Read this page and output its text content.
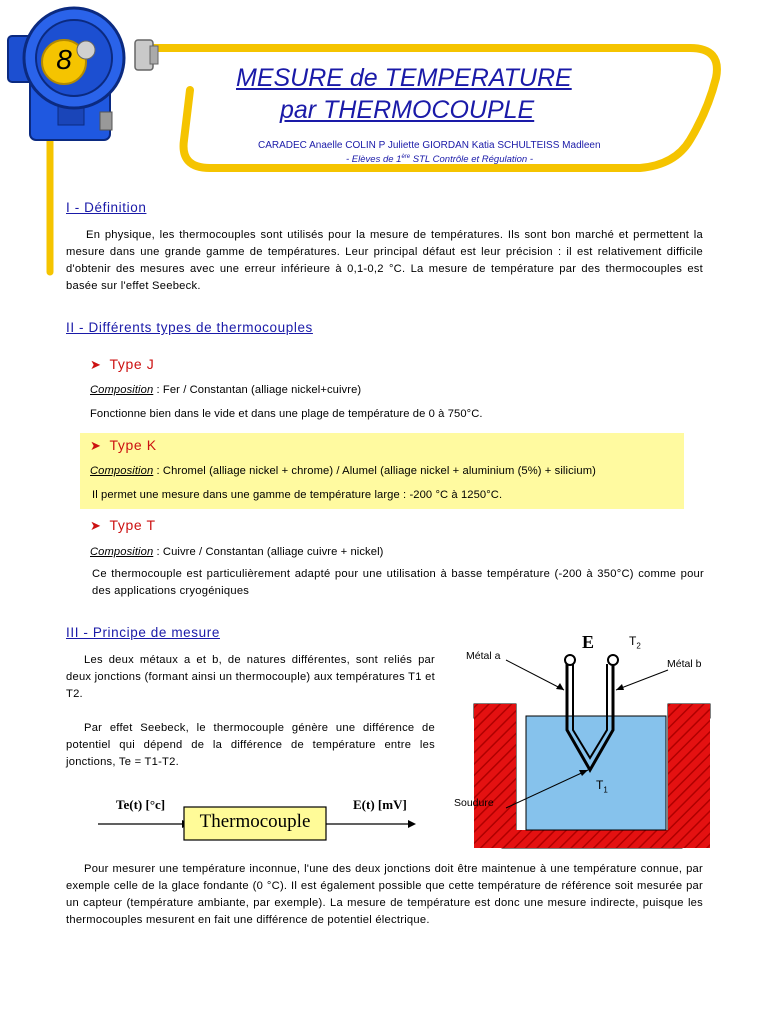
8
MESURE de TEMPERATURE
par THERMOCOUPLE
CARADEC Anaelle COLIN P Juliette GIORDAN Katia SCHULTEISS Madleen
- Elèves de 1ère STL Contrôle et Régulation -
I - Définition
En physique, les thermocouples sont utilisés pour la mesure de températures. Ils sont bon marché et permettent la mesure dans une grande gamme de températures. Leur principal défaut est leur précision : il est relativement difficile d'obtenir des mesures avec une erreur inférieure à 0,1-0,2 °C. La mesure de température par des thermocouples est basée sur l'effet Seebeck.
II - Différents types de thermocouples
➤ Type J
Composition : Fer / Constantan (alliage nickel+cuivre)
Fonctionne bien dans le vide et dans une plage de température de 0 à 750°C.
➤ Type K
Composition : Chromel (alliage nickel + chrome) / Alumel (alliage nickel + aluminium (5%) + silicium)
Il permet une mesure dans une gamme de température large : -200 °C à 1250°C.
➤ Type T
Composition : Cuivre / Constantan (alliage cuivre + nickel)
Ce thermocouple est particulièrement adapté pour une utilisation à basse température (-200 à 350°C) comme pour des applications cryogéniques
III - Principe de mesure
Les deux métaux a et b, de natures différentes, sont reliés par deux jonctions (formant ainsi un thermocouple) aux températures T1 et T2.
Par effet Seebeck, le thermocouple génère une différence de potentiel qui dépend de la différence de température entre les jonctions, Te = T1-T2.
Te(t) [°c]
Thermocouple
E(t) [mV]
E	$T_2$
Métal a
Métal b
$T_1$
Soudure
Pour mesurer une température inconnue, l'une des deux jonctions doit être maintenue à une température connue, par exemple celle de la glace fondante (0 °C). Il est également possible que cette température de référence soit mesurée par un capteur (température ambiante, par exemple). La mesure de température est donc une mesure indirecte, puisque les thermocouples mesurent en fait une différence de potentiel électrique.
